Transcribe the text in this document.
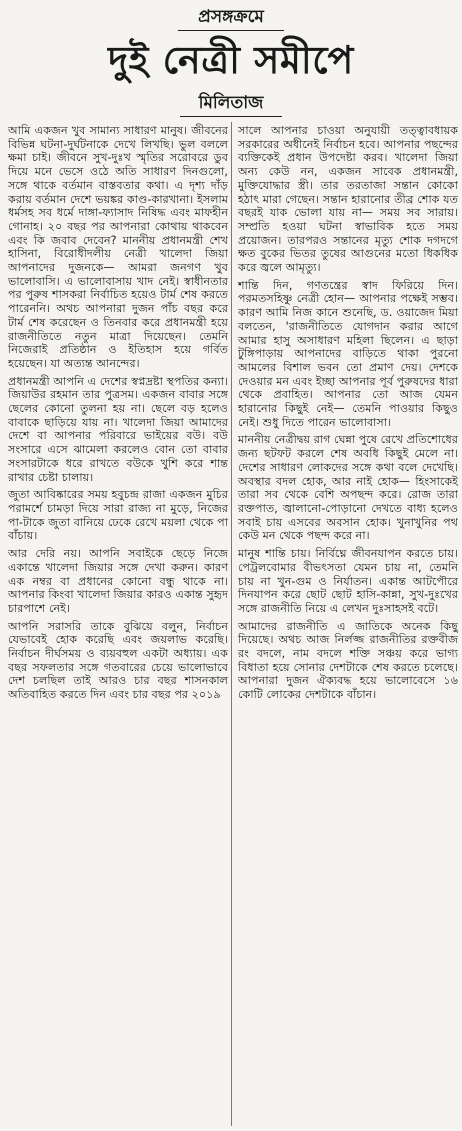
প্রসঙ্গক্রমে
দুই নেত্রী সমীপে
মিলিতাজ

আমি একজন খুব সামান্য সাধারণ মানুষ। জীবনের বিভিন্ন ঘটনা-দুর্ঘটনাকে দেখে লিখছি। ভুল বললে ক্ষমা চাই। জীবনে সুখ-দুঃখ স্মৃতির সরোবরে ডুব দিয়ে মনে ভেসে ওঠে অতি সাধারণ দিনগুলো, সঙ্গে থাকে বর্তমান বাস্তবতার কথা। এ দৃশ্য দাঁড় করায় বর্তমান দেশে ভয়ঙ্কর কাণ্ড-কারখানা। ইসলাম ধর্মসহ সব ধর্মে দাঙ্গা-ফ্যাসাদ নিষিদ্ধ এবং মাফহীন গোনাহ। ২০ বছর পর আপনারা কোথায় থাকবেন এবং কি জবাব দেবেন? মাননীয় প্রধানমন্ত্রী শেখ হাসিনা, বিরোধীদলীয় নেত্রী খালেদা জিয়া আপনাদের দুজনকে— আমরা জনগণ খুব ভালোবাসি। এ ভালোবাসায় খাদ নেই। স্বাধীনতার পর পুরুষ শাসকরা নির্বাচিত হয়েও টার্ম শেষ করতে পারেননি। অথচ আপনারা দুজন পাঁচ বছর করে টার্ম শেষ করেছেন ও তিনবার করে প্রধানমন্ত্রী হয়ে রাজনীতিতে নতুন মাত্রা দিয়েছেন। তেমনি নিজেরাই প্রতিষ্ঠান ও ইতিহাস হয়ে গর্বিত হয়েছেন। যা অত্যন্ত আনন্দের।

প্রধানমন্ত্রী আপনি এ দেশের স্বপ্নদ্রষ্টা স্থপতির কন্যা। জিয়াউর রহমান তার পুত্রসম। একজন বাবার সঙ্গে ছেলের কোনো তুলনা হয় না। ছেলে বড় হলেও বাবাকে ছাড়িয়ে যায় না। খালেদা জিয়া আমাদের দেশে বা আপনার পরিবারে ভাইয়ের বউ। বউ সংসারে এসে ঝামেলা করলেও বোন তো বাবার সংসারটাকে ধরে রাখতে বউকে খুশি করে শান্ত রাখার চেষ্টা চালায়।

জুতা আবিষ্কারের সময় হবুচন্দ্র রাজা একজন মুচির পরামর্শে চামড়া দিয়ে সারা রাজ্য না মুড়ে, নিজের পা-টাকে জুতা বানিয়ে ঢেকে রেখে ময়লা থেকে পা বাঁচায়।

আর দেরি নয়। আপনি সবাইকে ছেড়ে নিজে একান্তে খালেদা জিয়ার সঙ্গে দেখা করুন। কারণ এক নম্বর বা প্রধানের কোনো বন্ধু থাকে না। আপনার কিংবা খালেদা জিয়ার কারও একান্ত সুহৃদ চারপাশে নেই।

আপনি সরাসরি তাকে বুঝিয়ে বলুন, নির্বাচন যেভাবেই হোক করেছি এবং জয়লাভ করেছি। নির্বাচন দীর্ঘসময় ও ব্যয়বহুল একটা অধ্যায়। এক বছর সফলতার সঙ্গে গতবারের চেয়ে ভালোভাবে দেশ চলছিল তাই আরও চার বছর শাসনকাল অতিবাহিত করতে দিন এবং চার বছর পর ২০১৯

সালে আপনার চাওয়া অনুযায়ী তত্ত্বাবধায়ক সরকারের অধীনেই নির্বাচন হবে। আপনার পছন্দের ব্যক্তিকেই প্রধান উপদেষ্টা করব। খালেদা জিয়া অন্য কেউ নন, একজন সাবেক প্রধানমন্ত্রী, মুক্তিযোদ্ধার স্ত্রী। তার তরতাজা সন্তান কোকো হঠাৎ মারা গেছেন। সন্তান হারানোর তীব্র শোক যত বছরই যাক ভোলা যায় না— সময় সব সারায়। সম্প্রতি হওয়া ঘটনা স্বাভাবিক হতে সময় প্রয়োজন। তারপরও সন্তানের মৃত্যু শোক দগদগে ক্ষত বুকের ভিতর তুষের আগুনের মতো ধিকধিক করে জ্বলে আমৃত্যু।

শান্তি দিন, গণতন্ত্রের স্বাদ ফিরিয়ে দিন। পরমতসহিষ্ণু নেত্রী হোন— আপনার পক্ষেই সম্ভব। কারণ আমি নিজ কানে শুনেছি, ড. ওয়াজেদ মিয়া বলতেন, 'রাজনীতিতে যোগদান করার আগে আমার হাসু অসাধারণ মহিলা ছিলেন। এ ছাড়া টুঙ্গিপাড়ায় আপনাদের বাড়িতে থাকা পুরনো আমলের বিশাল ভবন তো প্রমাণ দেয়। দেশকে দেওয়ার মন এবং ইচ্ছা আপনার পূর্ব পুরুষদের ধারা থেকে প্রবাহিত। আপনার তো আজ যেমন হারানোর কিছুই নেই— তেমনি পাওয়ার কিছুও নেই। শুধু দিতে পারেন ভালোবাসা।

মাননীয় নেত্রীদ্বয় রাগ ঘেন্না পুষে রেখে প্রতিশোধের জন্য ছটফট করলে শেষ অবধি কিছুই মেলে না। দেশের সাধারণ লোকদের সঙ্গে কথা বলে দেখেছি। অবস্থার বদল হোক, আর নাই হোক— হিংসাকেই তারা সব থেকে বেশি অপছন্দ করে। রোজ তারা রক্তপাত, জ্বালানো-পোড়ানো দেখতে বাধ্য হলেও সবাই চায় এসবের অবসান হোক। খুনাখুনির পথ কেউ মন থেকে পছন্দ করে না।

মানুষ শান্তি চায়। নির্বিঘ্নে জীবনযাপন করতে চায়। পেট্রলবোমার বীভৎসতা যেমন চায় না, তেমনি চায় না খুন-গুম ও নির্যাতন। একান্ত আটপৌরে দিনযাপন করে ছোট ছোট হাসি-কান্না, সুখ-দুঃখের সঙ্গে রাজনীতি নিয়ে এ লেখন দুঃসাহসই বটে।

আমাদের রাজনীতি এ জাতিকে অনেক কিছু দিয়েছে। অথচ আজ নির্লজ্জ রাজনীতির রক্তবীজ রং বদলে, নাম বদলে শক্তি সঞ্চয় করে ভাগ্য বিধাতা হয়ে সোনার দেশটাকে শেষ করতে চলেছে। আপনারা দুজন ঐক্যবদ্ধ হয়ে ভালোবেসে ১৬ কোটি লোকের দেশটাকে বাঁচান।
